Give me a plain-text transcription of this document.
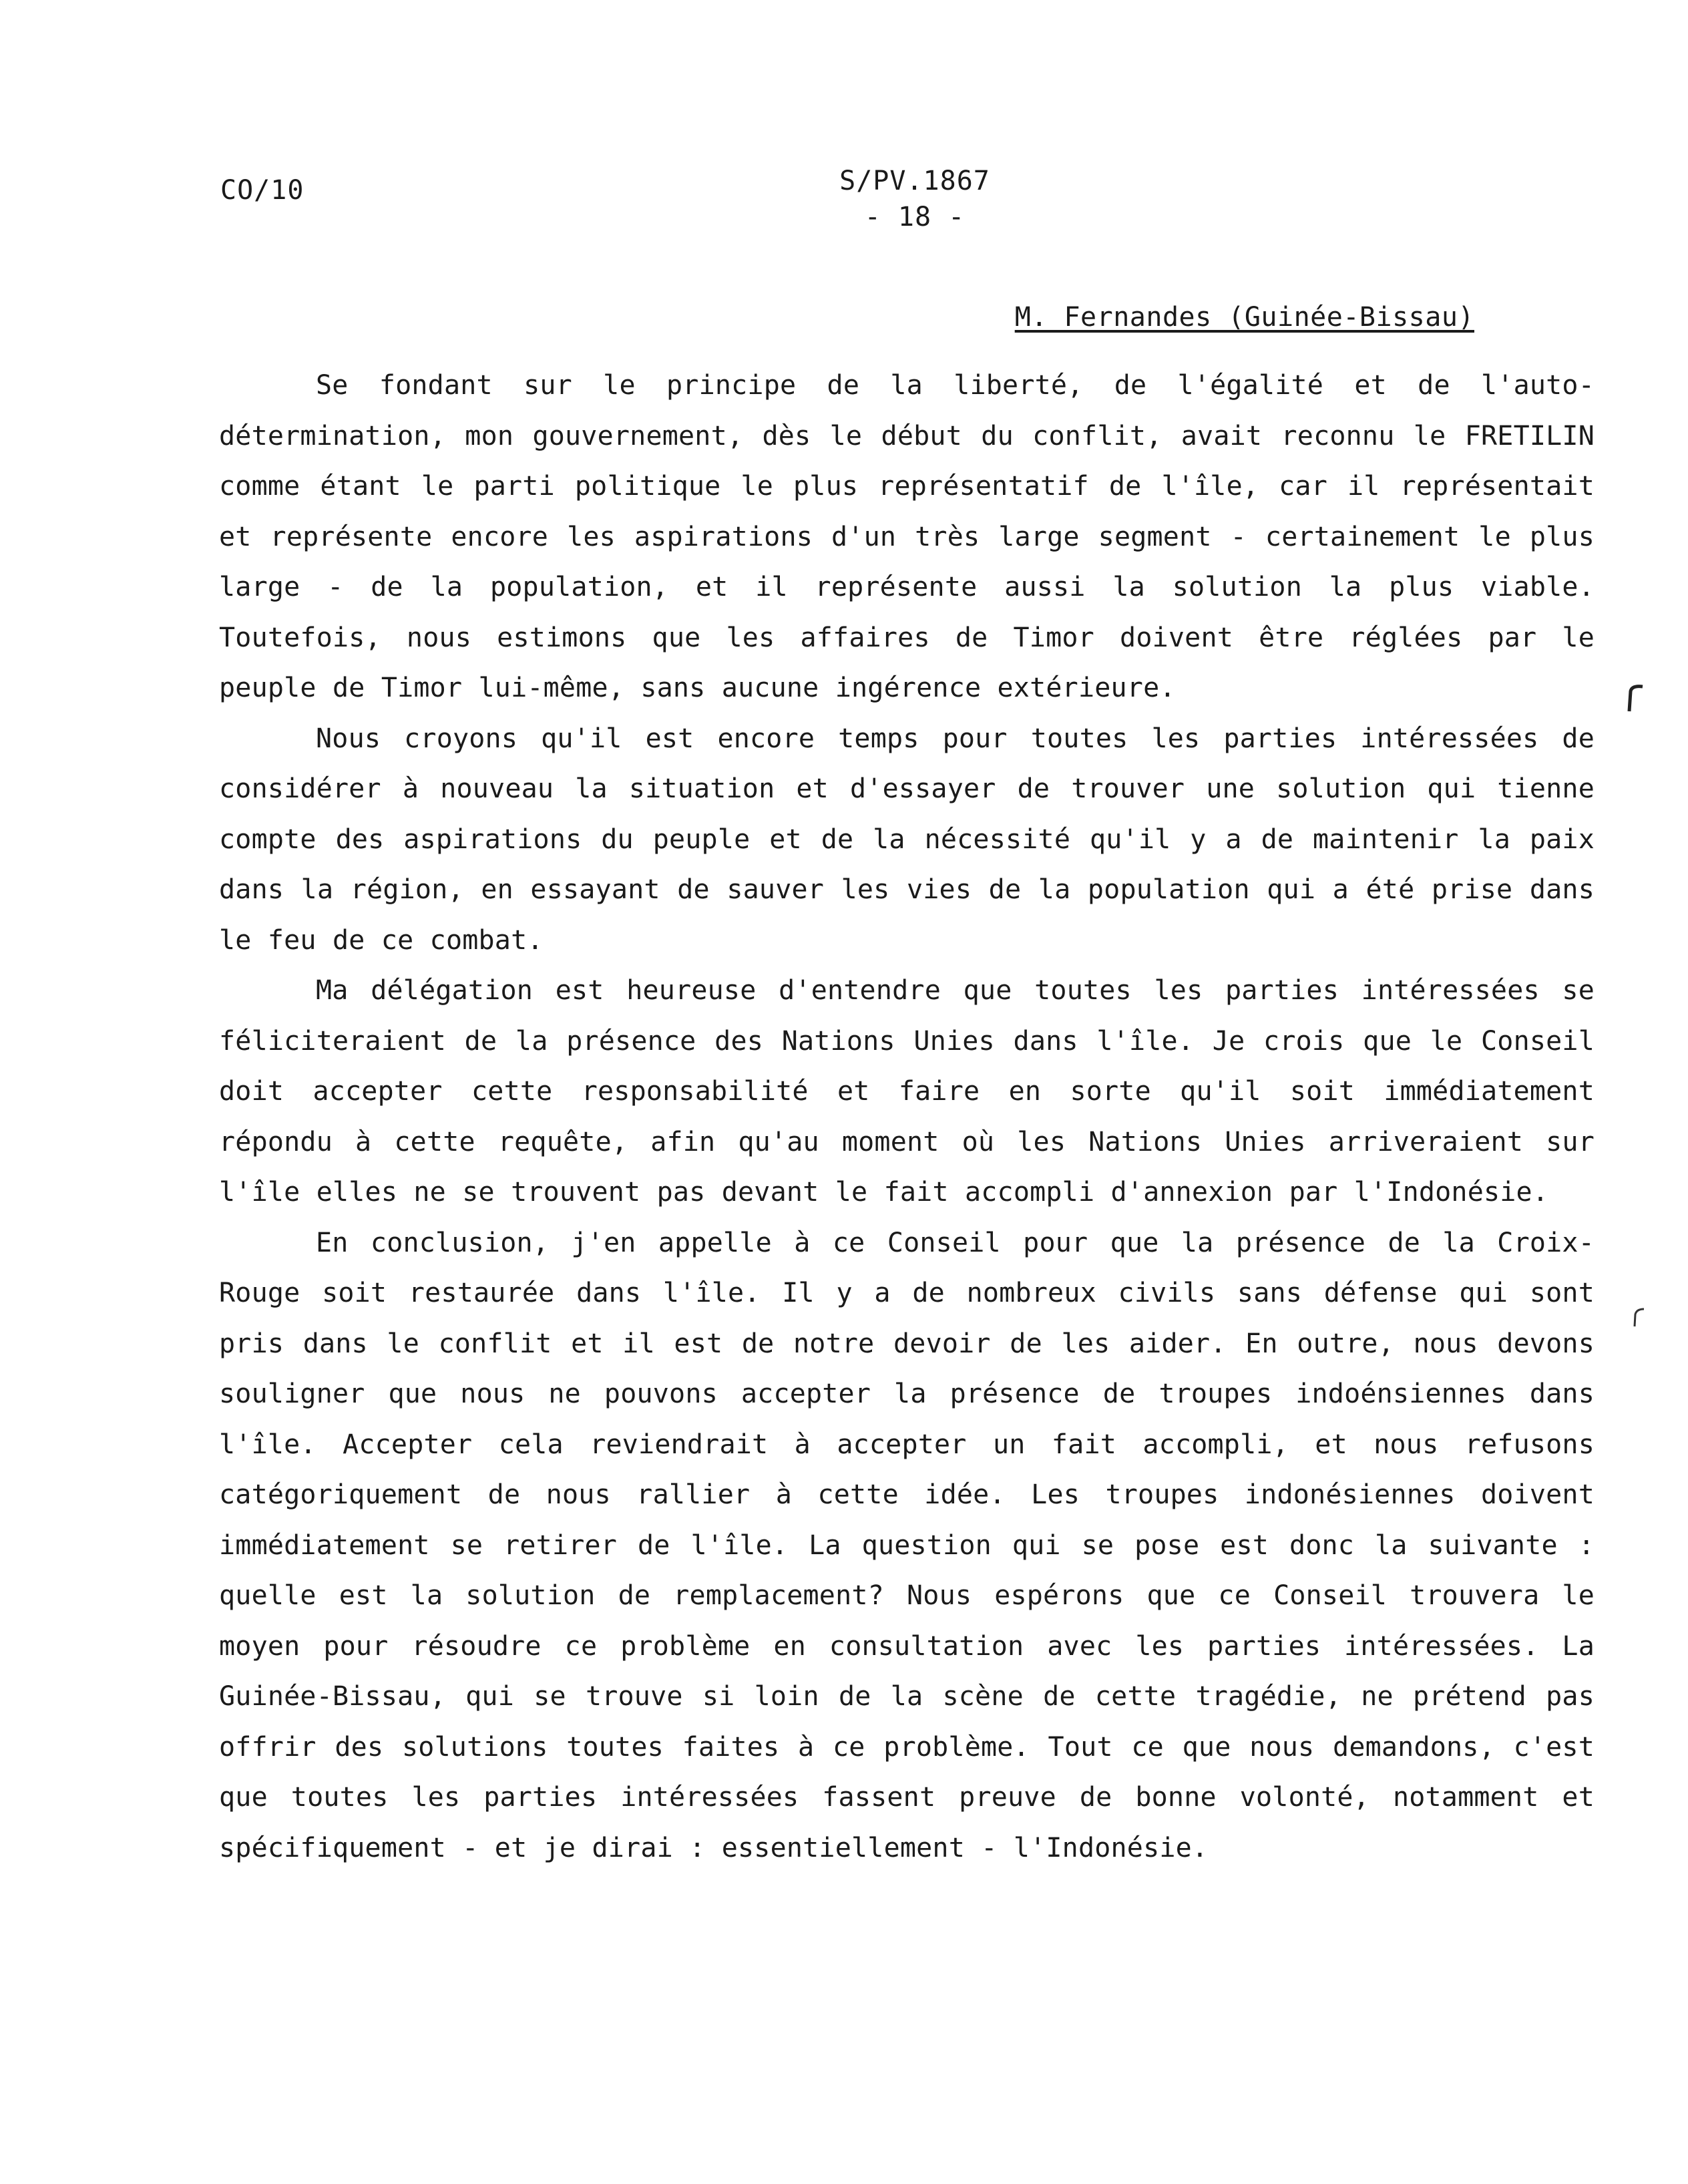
CO/10	S/PV.1867
- 18 -
M. Fernandes (Guinée-Bissau)

Se fondant sur le principe de la liberté, de l'égalité et de l'auto-détermination, mon gouvernement, dès le début du conflit, avait reconnu le FRETILIN comme étant le parti politique le plus représentatif de l'île, car il représentait et représente encore les aspirations d'un très large segment - certainement le plus large - de la population, et il représente aussi la solution la plus viable. Toutefois, nous estimons que les affaires de Timor doivent être réglées par le peuple de Timor lui-même, sans aucune ingérence extérieure.

Nous croyons qu'il est encore temps pour toutes les parties intéressées de considérer à nouveau la situation et d'essayer de trouver une solution qui tienne compte des aspirations du peuple et de la nécessité qu'il y a de maintenir la paix dans la région, en essayant de sauver les vies de la population qui a été prise dans le feu de ce combat.

Ma délégation est heureuse d'entendre que toutes les parties intéressées se féliciteraient de la présence des Nations Unies dans l'île. Je crois que le Conseil doit accepter cette responsabilité et faire en sorte qu'il soit immédiatement répondu à cette requête, afin qu'au moment où les Nations Unies arriveraient sur l'île elles ne se trouvent pas devant le fait accompli d'annexion par l'Indonésie.

En conclusion, j'en appelle à ce Conseil pour que la présence de la Croix-Rouge soit restaurée dans l'île. Il y a de nombreux civils sans défense qui sont pris dans le conflit et il est de notre devoir de les aider. En outre, nous devons souligner que nous ne pouvons accepter la présence de troupes indoénsiennes dans l'île. Accepter cela reviendrait à accepter un fait accompli, et nous refusons catégoriquement de nous rallier à cette idée. Les troupes indonésiennes doivent immédiatement se retirer de l'île. La question qui se pose est donc la suivante : quelle est la solution de remplacement? Nous espérons que ce Conseil trouvera le moyen pour résoudre ce problème en consultation avec les parties intéressées. La Guinée-Bissau, qui se trouve si loin de la scène de cette tragédie, ne prétend pas offrir des solutions toutes faites à ce problème. Tout ce que nous demandons, c'est que toutes les parties intéressées fassent preuve de bonne volonté, notamment et spécifiquement - et je dirai : essentiellement - l'Indonésie.
